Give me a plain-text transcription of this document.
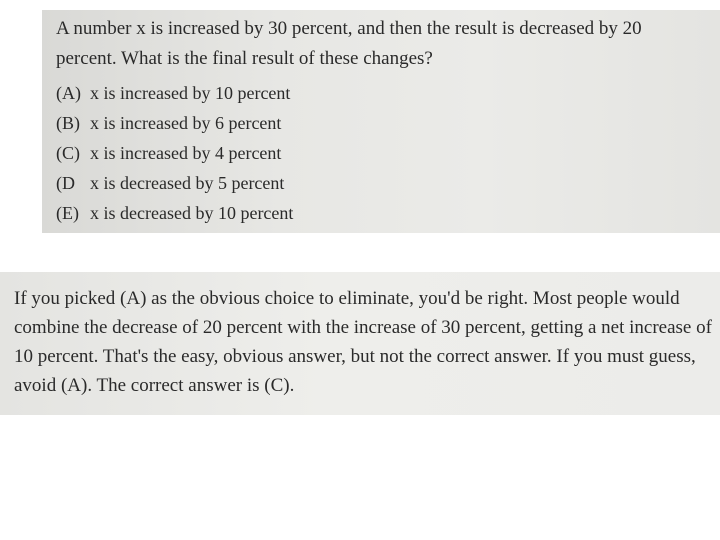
A number x is increased by 30 percent, and then the result is decreased by 20 percent. What is the final result of these changes?

(A) x is increased by 10 percent
(B) x is increased by 6 percent
(C) x is increased by 4 percent
(D x is decreased by 5 percent
(E) x is decreased by 10 percent

If you picked (A) as the obvious choice to eliminate, you'd be right. Most people would combine the decrease of 20 percent with the increase of 30 percent, getting a net increase of 10 percent. That's the easy, obvious answer, but not the correct answer. If you must guess, avoid (A). The correct answer is (C).
